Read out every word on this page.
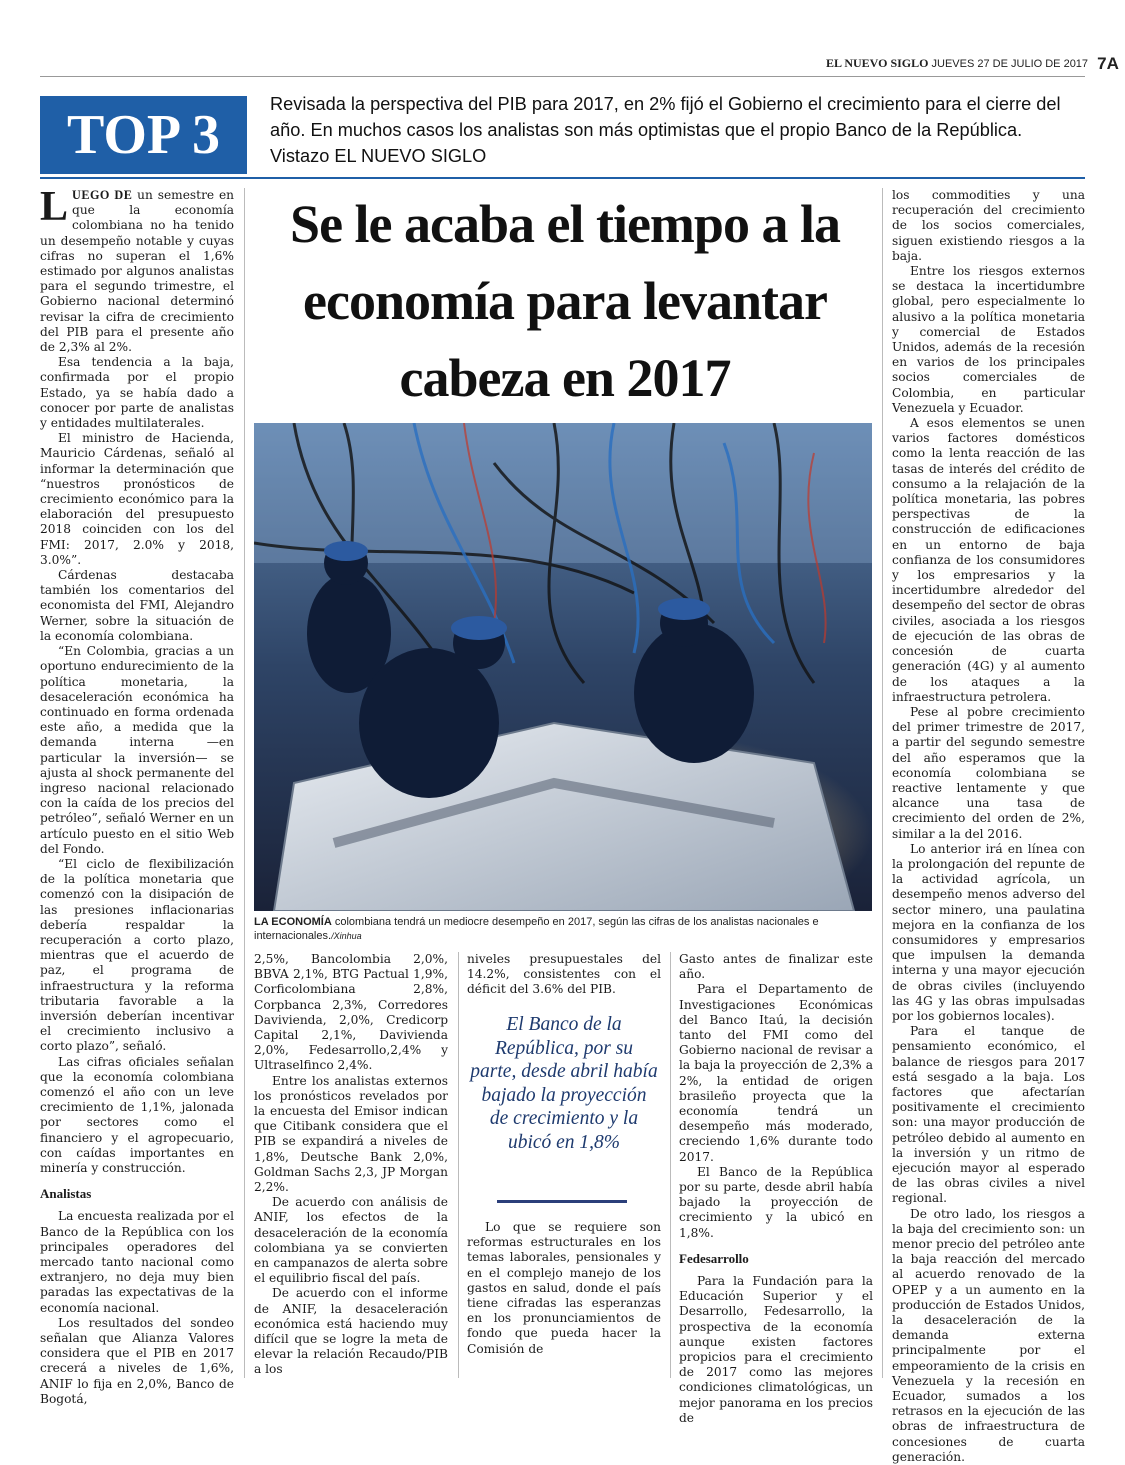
EL NUEVO SIGLO JUEVES 27 DE JULIO DE 2017 7A
TOP 3	Revisada la perspectiva del PIB para 2017, en 2% fijó el Gobierno el crecimiento para el cierre del año. En muchos casos los analistas son más optimistas que el propio Banco de la República. Vistazo EL NUEVO SIGLO

LUEGO DE un semestre en que la economía colombiana no ha tenido un desempeño notable y cuyas cifras no superan el 1,6% estimado por algunos analistas para el segundo trimestre, el Gobierno nacional determinó revisar la cifra de crecimiento del PIB para el presente año de 2,3% al 2%.

Esa tendencia a la baja, confirmada por el propio Estado, ya se había dado a conocer por parte de analistas y entidades multilaterales.

El ministro de Hacienda, Mauricio Cárdenas, señaló al informar la determinación que “nuestros pronósticos de crecimiento económico para la elaboración del presupuesto 2018 coinciden con los del FMI: 2017, 2.0% y 2018, 3.0%”.

Cárdenas destacaba también los comentarios del economista del FMI, Alejandro Werner, sobre la situación de la economía colombiana.

“En Colombia, gracias a un oportuno endurecimiento de la política monetaria, la desaceleración económica ha continuado en forma ordenada este año, a medida que la demanda interna —en particular la inversión— se ajusta al shock permanente del ingreso nacional relacionado con la caída de los precios del petróleo”, señaló Werner en un artículo puesto en el sitio Web del Fondo.

“El ciclo de flexibilización de la política monetaria que comenzó con la disipación de las presiones inflacionarias debería respaldar la recuperación a corto plazo, mientras que el acuerdo de paz, el programa de infraestructura y la reforma tributaria favorable a la inversión deberían incentivar el crecimiento inclusivo a corto plazo”, señaló.

Las cifras oficiales señalan que la economía colombiana comenzó el año con un leve crecimiento de 1,1%, jalonada por sectores como el financiero y el agropecuario, con caídas importantes en minería y construcción.

Analistas

La encuesta realizada por el Banco de la República con los principales operadores del mercado tanto nacional como extranjero, no deja muy bien paradas las expectativas de la economía nacional.

Los resultados del sondeo señalan que Alianza Valores considera que el PIB en 2017 crecerá a niveles de 1,6%, ANIF lo fija en 2,0%, Banco de Bogotá,

Se le acaba el tiempo a la economía para levantar cabeza en 2017
LA ECONOMÍA colombiana tendrá un mediocre desempeño en 2017, según las cifras de los analistas nacionales e internacionales./Xinhua

2,5%, Bancolombia 2,0%, BBVA 2,1%, BTG Pactual 1,9%, Corficolombiana 2,8%, Corpbanca 2,3%, Corredores Davivienda, 2,0%, Credicorp Capital 2,1%, Davivienda 2,0%, Fedesarrollo,2,4% y Ultraselfinco 2,4%.

Entre los analistas externos los pronósticos revelados por la encuesta del Emisor indican que Citibank considera que el PIB se expandirá a niveles de 1,8%, Deutsche Bank 2,0%, Goldman Sachs 2,3, JP Morgan 2,2%.

De acuerdo con análisis de ANIF, los efectos de la desaceleración de la economía colombiana ya se convierten en campanazos de alerta sobre el equilibrio fiscal del país.

De acuerdo con el informe de ANIF, la desaceleración económica está haciendo muy difícil que se logre la meta de elevar la relación Recaudo/PIB a los

niveles presupuestales del 14.2%, consistentes con el déficit del 3.6% del PIB.

El Banco de la República, por su parte, desde abril había bajado la proyección de crecimiento y la ubicó en 1,8%

Lo que se requiere son reformas estructurales en los temas laborales, pensionales y en el complejo manejo de los gastos en salud, donde el país tiene cifradas las esperanzas en los pronunciamientos de fondo que pueda hacer la Comisión de

Gasto antes de finalizar este año.

Para el Departamento de Investigaciones Económicas del Banco Itaú, la decisión tanto del FMI como del Gobierno nacional de revisar a la baja la proyección de 2,3% a 2%, la entidad de origen brasileño proyecta que la economía tendrá un desempeño más moderado, creciendo 1,6% durante todo 2017.

El Banco de la República por su parte, desde abril había bajado la proyección de crecimiento y la ubicó en 1,8%.

Fedesarrollo

Para la Fundación para la Educación Superior y el Desarrollo, Fedesarrollo, la prospectiva de la economía aunque existen factores propicios para el crecimiento de 2017 como las mejores condiciones climatológicas, un mejor panorama en los precios de

los commodities y una recuperación del crecimiento de los socios comerciales, siguen existiendo riesgos a la baja.

Entre los riesgos externos se destaca la incertidumbre global, pero especialmente lo alusivo a la política monetaria y comercial de Estados Unidos, además de la recesión en varios de los principales socios comerciales de Colombia, en particular Venezuela y Ecuador.

A esos elementos se unen varios factores domésticos como la lenta reacción de las tasas de interés del crédito de consumo a la relajación de la política monetaria, las pobres perspectivas de la construcción de edificaciones en un entorno de baja confianza de los consumidores y los empresarios y la incertidumbre alrededor del desempeño del sector de obras civiles, asociada a los riesgos de ejecución de las obras de concesión de cuarta generación (4G) y al aumento de los ataques a la infraestructura petrolera.

Pese al pobre crecimiento del primer trimestre de 2017, a partir del segundo semestre del año esperamos que la economía colombiana se reactive lentamente y que alcance una tasa de crecimiento del orden de 2%, similar a la del 2016.

Lo anterior irá en línea con la prolongación del repunte de la actividad agrícola, un desempeño menos adverso del sector minero, una paulatina mejora en la confianza de los consumidores y empresarios que impulsen la demanda interna y una mayor ejecución de obras civiles (incluyendo las 4G y las obras impulsadas por los gobiernos locales).

Para el tanque de pensamiento económico, el balance de riesgos para 2017 está sesgado a la baja. Los factores que afectarían positivamente el crecimiento son: una mayor producción de petróleo debido al aumento en la inversión y un ritmo de ejecución mayor al esperado de las obras civiles a nivel regional.

De otro lado, los riesgos a la baja del crecimiento son: un menor precio del petróleo ante la baja reacción del mercado al acuerdo renovado de la OPEP y a un aumento en la producción de Estados Unidos, la desaceleración de la demanda externa principalmente por el empeoramiento de la crisis en Venezuela y la recesión en Ecuador, sumados a los retrasos en la ejecución de las obras de infraestructura de concesiones de cuarta generación.
